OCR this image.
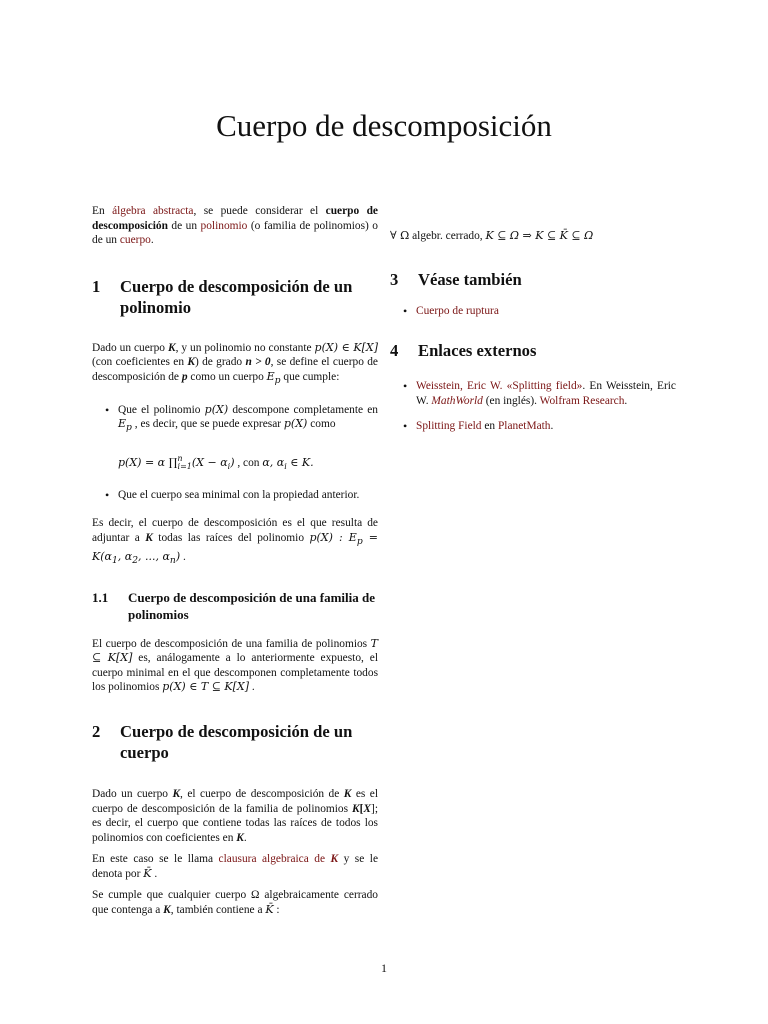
Cuerpo de descomposición

En álgebra abstracta, se puede considerar el cuerpo de descomposición de un polinomio (o familia de polinomios) o de un cuerpo.

1	Cuerpo de descomposición de un polinomio

Dado un cuerpo K, y un polinomio no constante p(X) ∈ K[X] (con coeficientes en K) de grado n > 0, se define el cuerpo de descomposición de p como un cuerpo $E_p$ que cumple:

• Que el polinomio p(X) descompone completamente en $E_p$ , es decir, que se puede expresar p(X) como
p(X) = α ∏$^n_{i=1}$(X − $\alpha_i$) , con α, $\alpha_i$ ∈ K.
• Que el cuerpo sea minimal con la propiedad anterior.

Es decir, el cuerpo de descomposición es el que resulta de adjuntar a K todas las raíces del polinomio p(X) : $E_p = K(\alpha_1$, $\alpha_2$, ..., $\alpha_n$) .

1.1	Cuerpo de descomposición de una familia de polinomios

El cuerpo de descomposición de una familia de polinomios T ⊆ K[X] es, análogamente a lo anteriormente expuesto, el cuerpo minimal en el que descomponen completamente todos los polinomios p(X) ∈ T ⊆ K[X] .

2	Cuerpo de descomposición de un cuerpo

Dado un cuerpo K, el cuerpo de descomposición de K es el cuerpo de descomposición de la familia de polinomios K[X]; es decir, el cuerpo que contiene todas las raíces de todos los polinomios con coeficientes en K.

En este caso se le llama clausura algebraica de K y se le denota por K̄ .

Se cumple que cualquier cuerpo Ω algebraicamente cerrado que contenga a K, también contiene a K̄ :

∀ Ω algebr. cerrado, K ⊆ Ω ⇒ K ⊆ K̄ ⊆ Ω

3	Véase también
• Cuerpo de ruptura
4	Enlaces externos
• Weisstein, Eric W. «Splitting field». En Weisstein, Eric W. MathWorld (en inglés). Wolfram Research.
• Splitting Field en PlanetMath.
1
